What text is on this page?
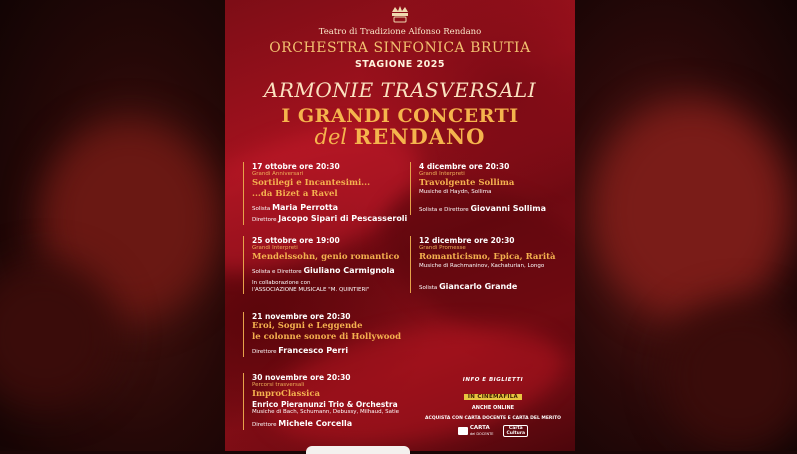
Teatro di Tradizione Alfonso Rendano
ORCHESTRA SINFONICA BRUTIA
STAGIONE 2025
ARMONIE TRASVERSALI
I GRANDI CONCERTI
del RENDANO
17 ottobre ore 20:30
Grandi Anniversari
Sortilegi e Incantesimi...
...da Bizet a Ravel
Solista Maria Perrotta
Direttore Jacopo Sipari di Pescasseroli
25 ottobre ore 19:00
Grandi Interpreti
Mendelssohn, genio romantico
Solista e Direttore Giuliano Carmignola
In collaborazione con
l'ASSOCIAZIONE MUSICALE "M. QUINTIERI"
21 novembre ore 20:30
Eroi, Sogni e Leggende
le colonne sonore di Hollywood
Direttore Francesco Perri
30 novembre ore 20:30
Percorsi trasversali
ImproClassica
Enrico Pieranunzi Trio & Orchestra
Musiche di Bach, Schumann, Debussy, Milhaud, Satie
Direttore Michele Corcella
4 dicembre ore 20:30
Grandi Interpreti
Travolgente Sollima
Musiche di Haydn, Sollima
Solista e Direttore Giovanni Sollima
12 dicembre ore 20:30
Grandi Promesse
Romanticismo, Epica, Rarità
Musiche di Rachmaninov, Kachaturian, Longo
Solista Giancarlo Grande
INFO E BIGLIETTI
IN CINEMAFILA
ANCHE ONLINE
ACQUISTA CON CARTA DOCENTE E CARTA DEL MERITO
CARTA
del DOCENTE
Carta
Cultura
